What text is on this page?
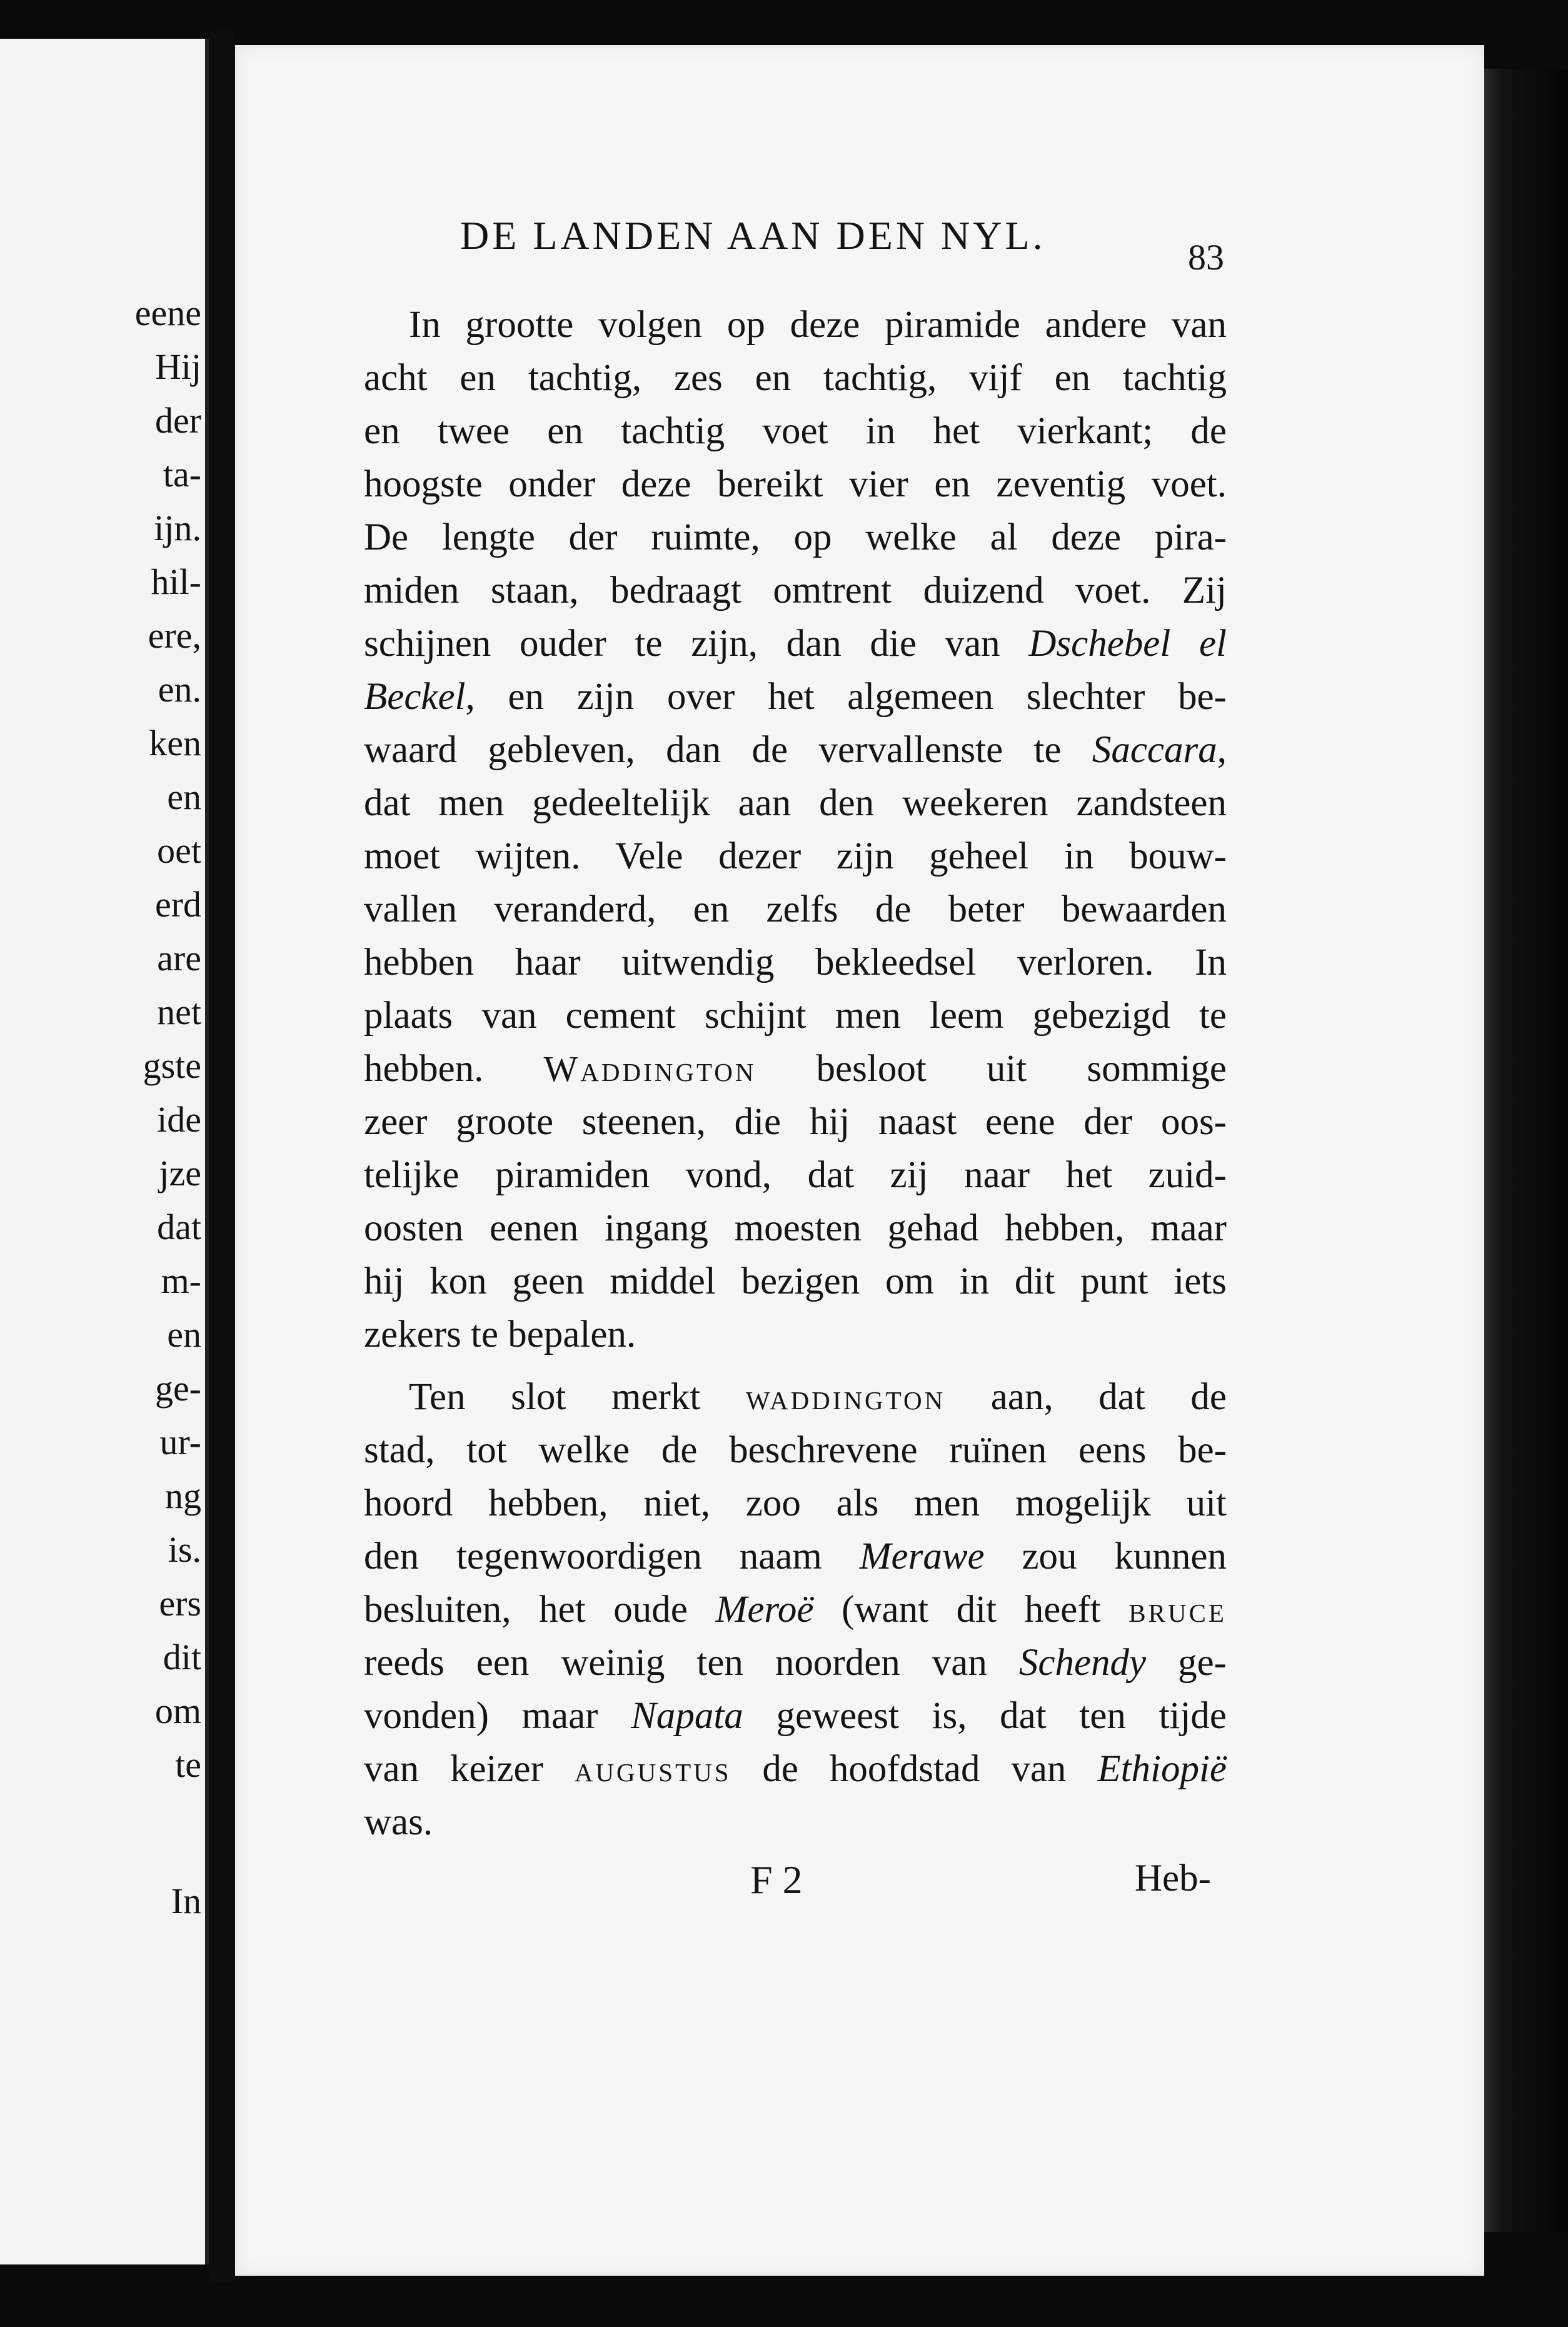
eene
Hij
der
ta-
ijn.
hil-
ere,
en.
ken
en
oet
erd
are
net
gste
ide
jze
dat
m-
en
ge-
ur-
ng
is.
ers
dit
om
te
In
DE LANDEN AAN DEN NYL.	83
In grootte volgen op deze piramide andere van
acht en tachtig, zes en tachtig, vijf en tachtig
en twee en tachtig voet in het vierkant; de
hoogste onder deze bereikt vier en zeventig voet.
De lengte der ruimte, op welke al deze pira-
miden staan, bedraagt omtrent duizend voet. Zij
schijnen ouder te zijn, dan die van Dschebel el
Beckel, en zijn over het algemeen slechter be-
waard gebleven, dan de vervallenste te Saccara,
dat men gedeeltelijk aan den weekeren zandsteen
moet wijten. Vele dezer zijn geheel in bouw-
vallen veranderd, en zelfs de beter bewaarden
hebben haar uitwendig bekleedsel verloren. In
plaats van cement schijnt men leem gebezigd te
hebben. Waddington besloot uit sommige
zeer groote steenen, die hij naast eene der oos-
telijke piramiden vond, dat zij naar het zuid-
oosten eenen ingang moesten gehad hebben, maar
hij kon geen middel bezigen om in dit punt iets
zekers te bepalen.
Ten slot merkt waddington aan, dat de
stad, tot welke de beschrevene ruïnen eens be-
hoord hebben, niet, zoo als men mogelijk uit
den tegenwoordigen naam Merawe zou kunnen
besluiten, het oude Meroë (want dit heeft bruce
reeds een weinig ten noorden van Schendy ge-
vonden) maar Napata geweest is, dat ten tijde
van keizer augustus de hoofdstad van Ethiopië
was.
F 2	Heb-
